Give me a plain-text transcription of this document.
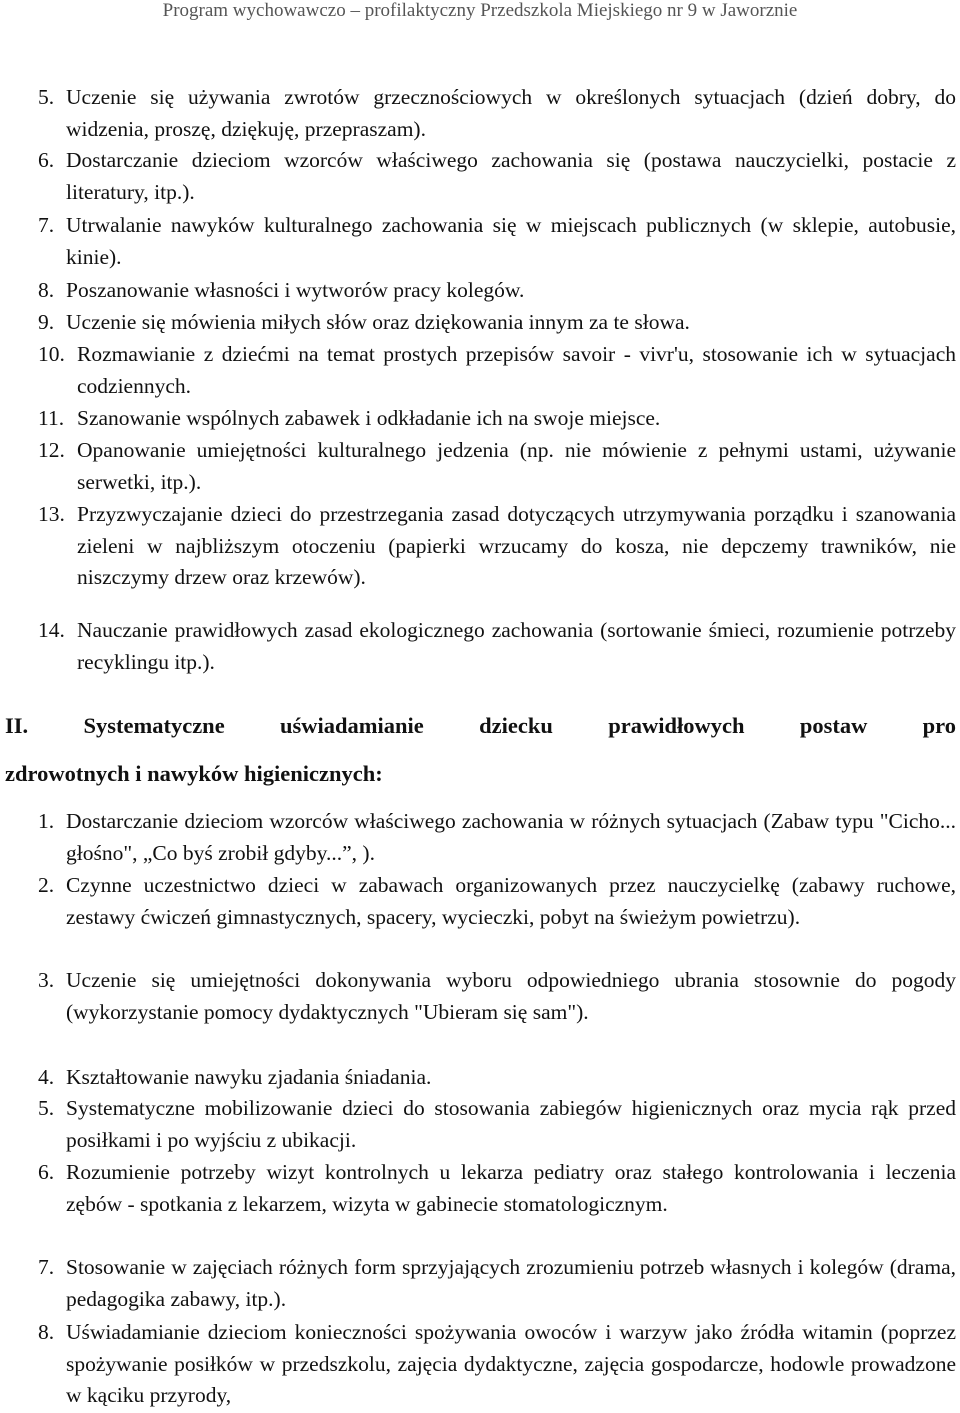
Program wychowawczo – profilaktyczny Przedszkola Miejskiego nr 9 w Jaworznie
5. Uczenie się używania zwrotów grzecznościowych w określonych sytuacjach (dzień dobry, do widzenia, proszę, dziękuję, przepraszam).
6. Dostarczanie dzieciom wzorców właściwego zachowania się (postawa nauczycielki, postacie z literatury, itp.).
7. Utrwalanie nawyków kulturalnego zachowania się w miejscach publicznych (w sklepie, autobusie, kinie).
8. Poszanowanie własności i wytworów pracy kolegów.
9. Uczenie się mówienia miłych słów oraz dziękowania innym za te słowa.
10. Rozmawianie z dziećmi na temat prostych przepisów savoir - vivr'u, stosowanie ich w sytuacjach codziennych.
11. Szanowanie wspólnych zabawek i odkładanie ich na swoje miejsce.
12. Opanowanie umiejętności kulturalnego jedzenia (np. nie mówienie z pełnymi ustami, używanie serwetki, itp.).
13. Przyzwyczajanie dzieci do przestrzegania zasad dotyczących utrzymywania porządku i szanowania zieleni w najbliższym otoczeniu (papierki wrzucamy do kosza, nie depczemy trawników, nie niszczymy drzew oraz krzewów).
14. Nauczanie prawidłowych zasad ekologicznego zachowania (sortowanie śmieci, rozumienie potrzeby recyklingu itp.).
II. Systematyczne uświadamianie dziecku prawidłowych postaw pro
zdrowotnych i nawyków higienicznych:
1. Dostarczanie dzieciom wzorców właściwego zachowania w różnych sytuacjach (Zabaw typu "Cicho... głośno", „Co byś zrobił gdyby...”, ).
2. Czynne uczestnictwo dzieci w zabawach organizowanych przez nauczycielkę (zabawy ruchowe, zestawy ćwiczeń gimnastycznych, spacery, wycieczki, pobyt na świeżym powietrzu).
3. Uczenie się umiejętności dokonywania wyboru odpowiedniego ubrania stosownie do pogody (wykorzystanie pomocy dydaktycznych "Ubieram się sam").
4. Kształtowanie nawyku zjadania śniadania.
5. Systematyczne mobilizowanie dzieci do stosowania zabiegów higienicznych oraz mycia rąk przed posiłkami i po wyjściu z ubikacji.
6. Rozumienie potrzeby wizyt kontrolnych u lekarza pediatry oraz stałego kontrolowania i leczenia zębów - spotkania z lekarzem, wizyta w gabinecie stomatologicznym.
7. Stosowanie w zajęciach różnych form sprzyjających zrozumieniu potrzeb własnych i kolegów (drama, pedagogika zabawy, itp.).
8. Uświadamianie dzieciom konieczności spożywania owoców i warzyw jako źródła witamin (poprzez spożywanie posiłków w przedszkolu, zajęcia dydaktyczne, zajęcia gospodarcze, hodowle prowadzone w kąciku przyrody,
